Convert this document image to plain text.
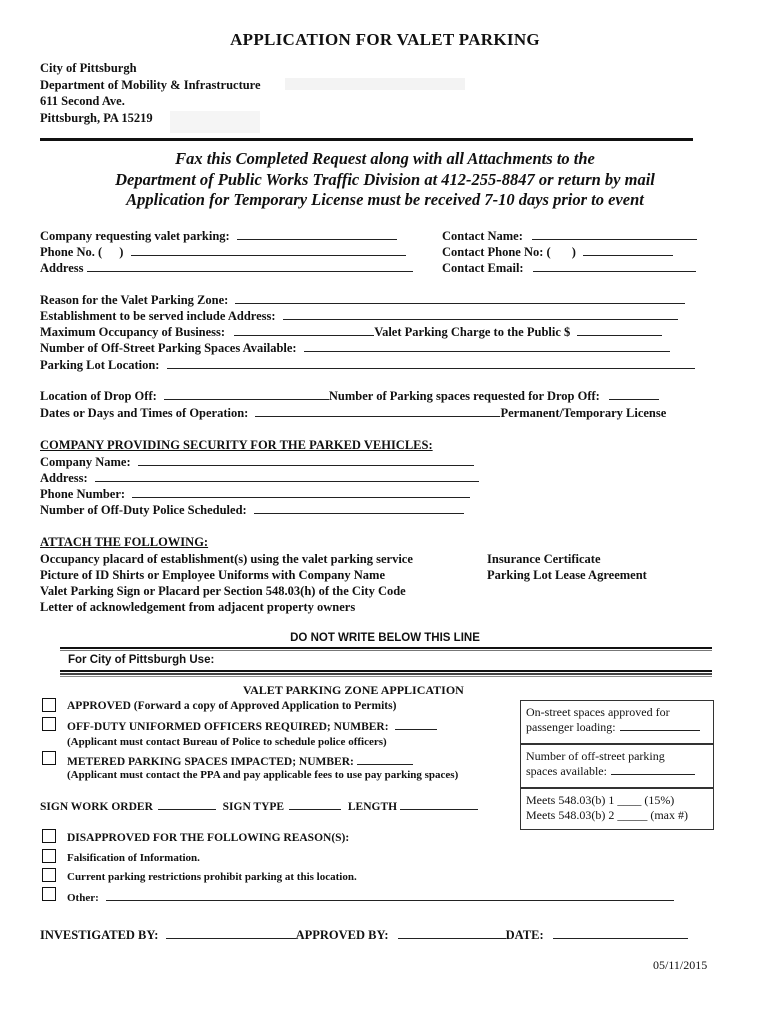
APPLICATION FOR VALET PARKING
City of Pittsburgh
Department of Mobility & Infrastructure
611 Second Ave.
Pittsburgh, PA 15219
Fax this Completed Request along with all Attachments to the
Department of Public Works Traffic Division at 412-255-8847 or return by mail
Application for Temporary License must be received 7-10 days prior to event
Company requesting valet parking:
Phone No. ( )
Address
Contact Name:
Contact Phone No: ( )
Contact Email:
Reason for the Valet Parking Zone:
Establishment to be served include Address:
Maximum Occupancy of Business:	Valet Parking Charge to the Public $
Number of Off-Street Parking Spaces Available:
Parking Lot Location:
Location of Drop Off:	Number of Parking spaces requested for Drop Off:
Dates or Days and Times of Operation:	Permanent/Temporary License
COMPANY PROVIDING SECURITY FOR THE PARKED VEHICLES:
Company Name:
Address:
Phone Number:
Number of Off-Duty Police Scheduled:
ATTACH THE FOLLOWING:
Occupancy placard of establishment(s) using the valet parking service
Picture of ID Shirts or Employee Uniforms with Company Name
Valet Parking Sign or Placard per Section 548.03(h) of the City Code
Letter of acknowledgement from adjacent property owners
Insurance Certificate
Parking Lot Lease Agreement
DO NOT WRITE BELOW THIS LINE
For City of Pittsburgh Use:
VALET PARKING ZONE APPLICATION
APPROVED (Forward a copy of Approved Application to Permits)
OFF-DUTY UNIFORMED OFFICERS REQUIRED; NUMBER:
(Applicant must contact Bureau of Police to schedule police officers)
METERED PARKING SPACES IMPACTED; NUMBER:
(Applicant must contact the PPA and pay applicable fees to use pay parking spaces)
SIGN WORK ORDER	SIGN TYPE	LENGTH
On-street spaces approved for
passenger loading:
Number of off-street parking
spaces available:
Meets 548.03(b) 1 ____ (15%)
Meets 548.03(b) 2 _____ (max #)
DISAPPROVED FOR THE FOLLOWING REASON(S):
Falsification of Information.
Current parking restrictions prohibit parking at this location.
Other:
INVESTIGATED BY:	APPROVED BY:	DATE:
05/11/2015
